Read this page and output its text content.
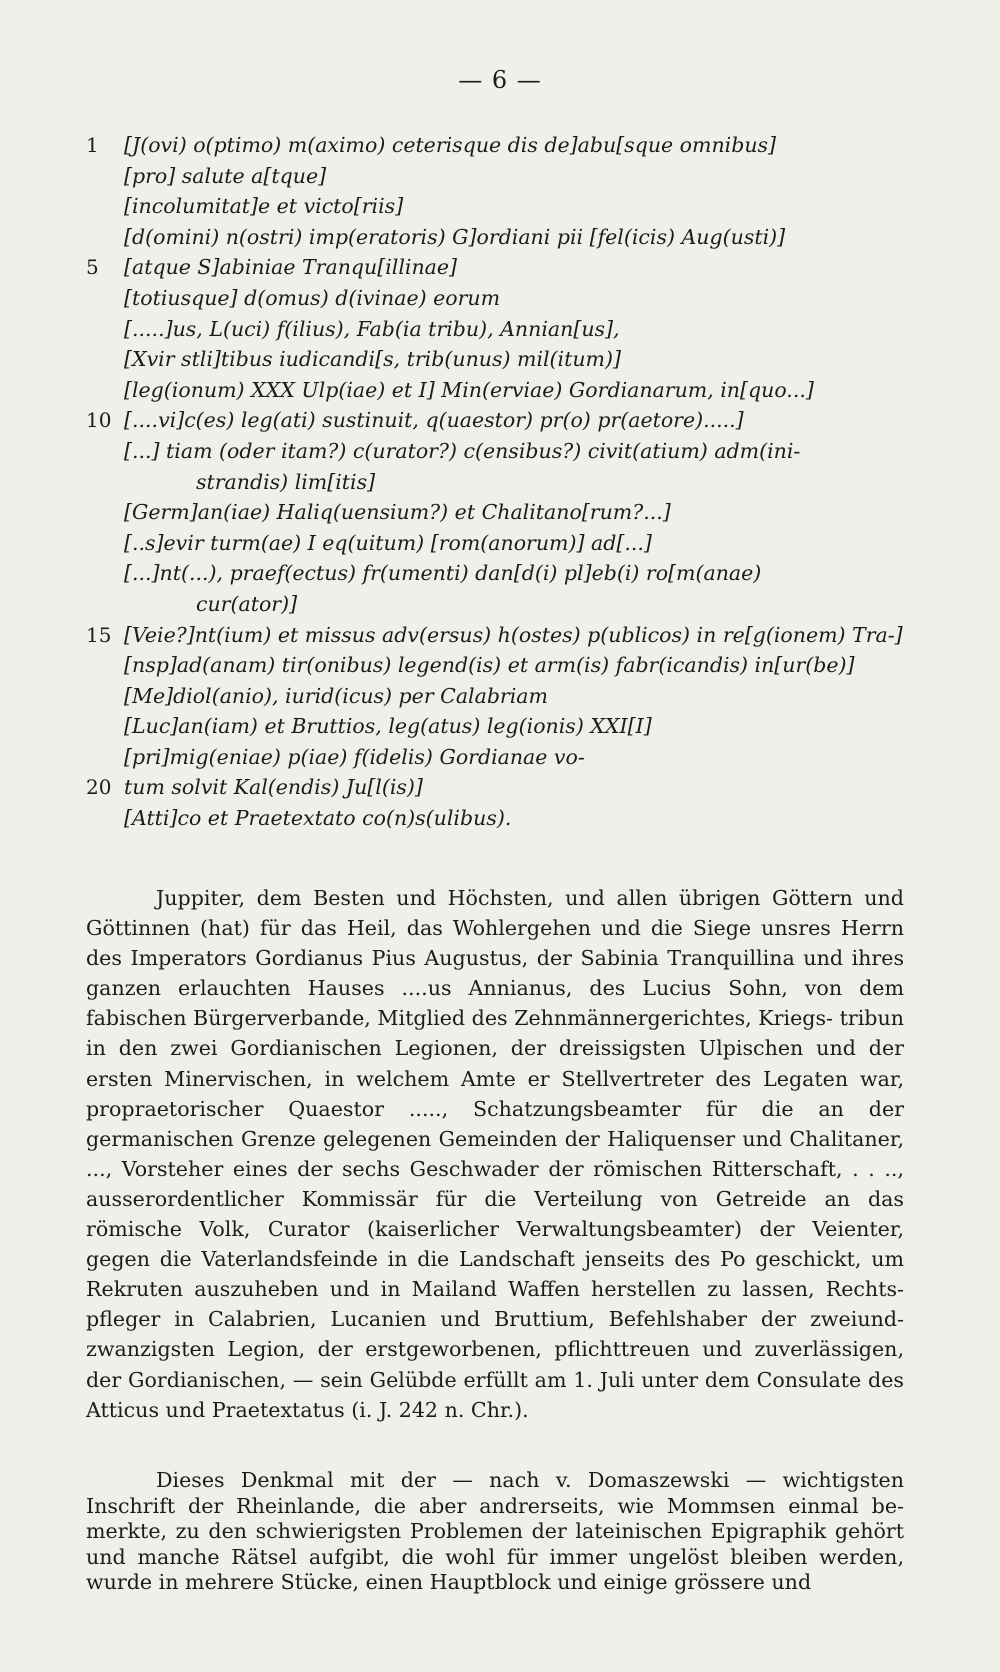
— 6 —
1 [J(ovi) o(ptimo) m(aximo) ceterisque dis de]abu[sque omnibus]
[pro] salute a[tque]
[incolumitat]e et victo[riis]
[d(omini) n(ostri) imp(eratoris) G]ordiani pii [fel(icis) Aug(usti)]
5 [atque S]abiniae Tranqu[illinae]
[totiusque] d(omus) d(ivinae) eorum
[.....]us, L(uci) f(ilius), Fab(ia tribu), Annian[us],
[Xvir stli]tibus iudicandi[s, trib(unus) mil(itum)]
[leg(ionum) XXX Ulp(iae) et I] Min(erviae) Gordianarum, in[quo...]
10 [....vi]c(es) leg(ati) sustinuit, q(uaestor) pr(o) pr(aetore).....]
[...] tiam (oder itam?) c(urator?) c(ensibus?) civit(atium) adm(ini-
strandis) lim[itis]
[Germ]an(iae) Haliq(uensium?) et Chalitano[rum?...]
[..s]evir turm(ae) I eq(uitum) [rom(anorum)] ad[...]
[...]nt(...), praef(ectus) fr(umenti) dan[d(i) pl]eb(i) ro[m(anae)
cur(ator)]
15 [Veie?]nt(ium) et missus adv(ersus) h(ostes) p(ublicos) in re[g(ionem) Tra-]
[nsp]ad(anam) tir(onibus) legend(is) et arm(is) fabr(icandis) in[ur(be)]
[Me]diol(anio), iurid(icus) per Calabriam
[Luc]an(iam) et Bruttios, leg(atus) leg(ionis) XXI[I]
[pri]mig(eniae) p(iae) f(idelis) Gordianae vo-
20 tum solvit Kal(endis) Ju[l(is)]
[Atti]co et Praetextato co(n)s(ulibus).

Juppiter, dem Besten und Höchsten, und allen übrigen Göttern und Göttinnen (hat) für das Heil, das Wohlergehen und die Siege unsres Herrn des Imperators Gordianus Pius Augustus, der Sabinia Tranquillina und ihres ganzen erlauchten Hauses ....us Annianus, des Lucius Sohn, von dem fabischen Bürgerverbande, Mitglied des Zehnmännergerichtes, Kriegs- tribun in den zwei Gordianischen Legionen, der dreissigsten Ulpischen und der ersten Minervischen, in welchem Amte er Stellvertreter des Legaten war, propraetorischer Quaestor ....., Schatzungsbeamter für die an der germanischen Grenze gelegenen Gemeinden der Haliquenser und Chalitaner, ..., Vorsteher eines der sechs Geschwader der römischen Ritterschaft, . . .., ausserordentlicher Kommissär für die Verteilung von Getreide an das römische Volk, Curator (kaiserlicher Verwaltungsbeamter) der Veienter, gegen die Vaterlandsfeinde in die Landschaft jenseits des Po geschickt, um Rekruten auszuheben und in Mailand Waffen herstellen zu lassen, Rechts- pfleger in Calabrien, Lucanien und Bruttium, Befehlshaber der zweiund- zwanzigsten Legion, der erstgeworbenen, pflichttreuen und zuverlässigen, der Gordianischen, — sein Gelübde erfüllt am 1. Juli unter dem Consulate des Atticus und Praetextatus (i. J. 242 n. Chr.).

Dieses Denkmal mit der — nach v. Domaszewski — wichtigsten Inschrift der Rheinlande, die aber andrerseits, wie Mommsen einmal be- merkte, zu den schwierigsten Problemen der lateinischen Epigraphik gehört und manche Rätsel aufgibt, die wohl für immer ungelöst bleiben werden, wurde in mehrere Stücke, einen Hauptblock und einige grössere und
